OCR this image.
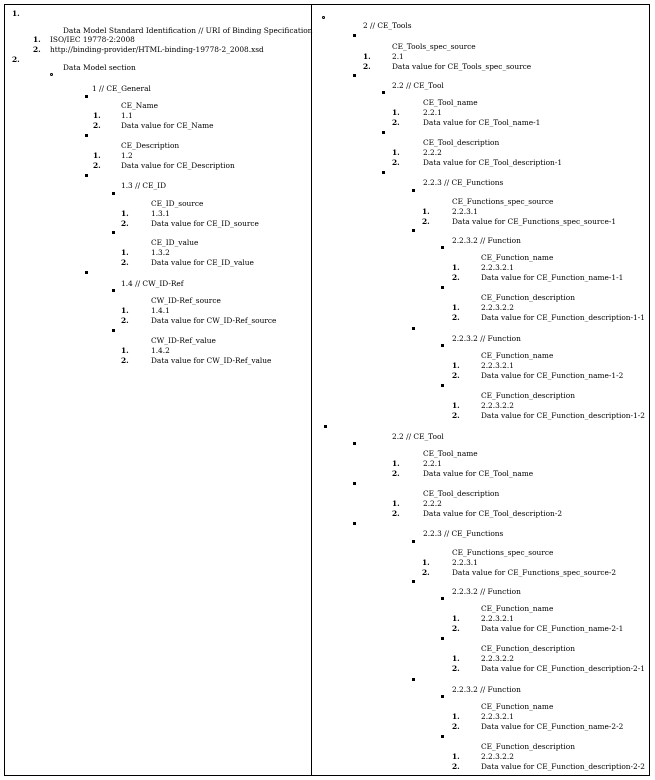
1.
Data Model Standard Identification // URI of Binding Specification
1. ISO/IEC 19778-2:2008
2. http://binding-provider/HTML-binding-19778-2_2008.xsd
2.
Data Model section
1 // CE_General
CE_Name
1.	1.1
2.	Data value for CE_Name
CE_Description
1.	1.2
2.	Data value for CE_Description
1.3 // CE_ID
CE_ID_source
1.	1.3.1
2.	Data value for CE_ID_source
CE_ID_value
1.	1.3.2
2.	Data value for CE_ID_value
1.4 // CW_ID-Ref
CW_ID-Ref_source
1.	1.4.1
2.	Data value for CW_ID-Ref_source
CW_ID-Ref_value
1.	1.4.2
2.	Data value for CW_ID-Ref_value
2 // CE_Tools
CE_Tools_spec_source
1.	2.1
2.	Data value for CE_Tools_spec_source
2.2 // CE_Tool
CE_Tool_name
1.	2.2.1
2.	Data value for CE_Tool_name-1
CE_Tool_description
1.	2.2.2
2.	Data value for CE_Tool_description-1
2.2.3 // CE_Functions
CE_Functions_spec_source
1.	2.2.3.1
2.	Data value for CE_Functions_spec_source-1
2.2.3.2 // Function
CE_Function_name
1.	2.2.3.2.1
2.	Data value for CE_Function_name-1-1
CE_Function_description
1.	2.2.3.2.2
2.	Data value for CE_Function_description-1-1
2.2.3.2 // Function
CE_Function_name
1.	2.2.3.2.1
2.	Data value for CE_Function_name-1-2
CE_Function_description
1.	2.2.3.2.2
2.	Data value for CE_Function_description-1-2
2.2 // CE_Tool
CE_Tool_name
1.	2.2.1
2.	Data value for CE_Tool_name
CE_Tool_description
1.	2.2.2
2.	Data value for CE_Tool_description-2
2.2.3 // CE_Functions
CE_Functions_spec_source
1.	2.2.3.1
2.	Data value for CE_Functions_spec_source-2
2.2.3.2 // Function
CE_Function_name
1.	2.2.3.2.1
2.	Data value for CE_Function_name-2-1
CE_Function_description
1.	2.2.3.2.2
2.	Data value for CE_Function_description-2-1
2.2.3.2 // Function
CE_Function_name
1.	2.2.3.2.1
2.	Data value for CE_Function_name-2-2
CE_Function_description
1.	2.2.3.2.2
2.	Data value for CE_Function_description-2-2
